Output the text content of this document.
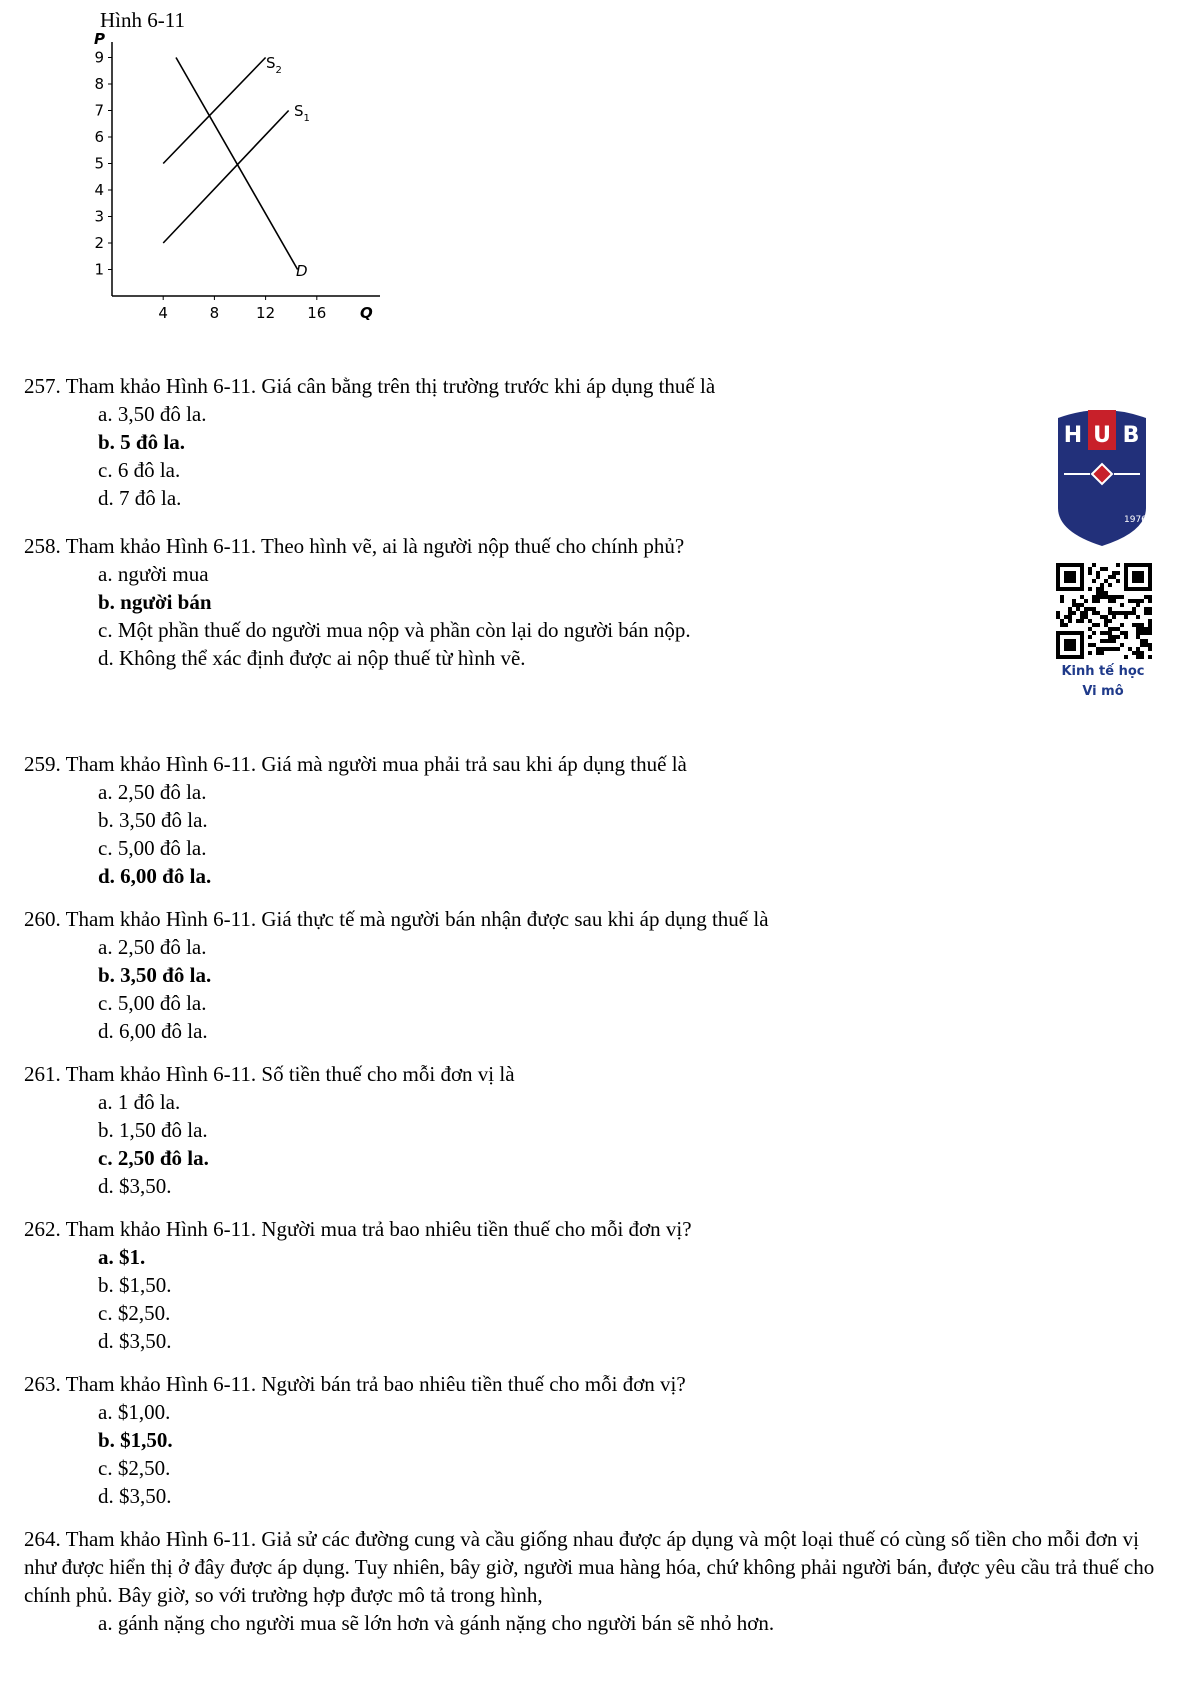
Hình 6-11
P
1
2
3
4
5
6
7
8
9
Q
4	8 12 16
$S_2$
$S_1$
D

257. Tham khảo Hình 6-11. Giá cân bằng trên thị trường trước khi áp dụng thuế là

a. 3,50 đô la.

b. 5 đô la.

c. 6 đô la.

d. 7 đô la.

258. Tham khảo Hình 6-11. Theo hình vẽ, ai là người nộp thuế cho chính phủ?

a. người mua

b. người bán

c. Một phần thuế do người mua nộp và phần còn lại do người bán nộp.

d. Không thể xác định được ai nộp thuế từ hình vẽ.

259. Tham khảo Hình 6-11. Giá mà người mua phải trả sau khi áp dụng thuế là

a. 2,50 đô la.

b. 3,50 đô la.

c. 5,00 đô la.

d. 6,00 đô la.

260. Tham khảo Hình 6-11. Giá thực tế mà người bán nhận được sau khi áp dụng thuế là

a. 2,50 đô la.

b. 3,50 đô la.

c. 5,00 đô la.

d. 6,00 đô la.

261. Tham khảo Hình 6-11. Số tiền thuế cho mỗi đơn vị là

a. 1 đô la.

b. 1,50 đô la.

c. 2,50 đô la.

d. $3,50.

262. Tham khảo Hình 6-11. Người mua trả bao nhiêu tiền thuế cho mỗi đơn vị?

a. $1.

b. $1,50.

c. $2,50.

d. $3,50.

263. Tham khảo Hình 6-11. Người bán trả bao nhiêu tiền thuế cho mỗi đơn vị?

a. $1,00.

b. $1,50.

c. $2,50.

d. $3,50.

264. Tham khảo Hình 6-11. Giả sử các đường cung và cầu giống nhau được áp dụng và một loại thuế có cùng số tiền cho mỗi đơn vị như được hiển thị ở đây được áp dụng. Tuy nhiên, bây giờ, người mua hàng hóa, chứ không phải người bán, được yêu cầu trả thuế cho chính phủ. Bây giờ, so với trường hợp được mô tả trong hình,

a. gánh nặng cho người mua sẽ lớn hơn và gánh nặng cho người bán sẽ nhỏ hơn.

H U B
1976
Kinh tế học
Vi mô
